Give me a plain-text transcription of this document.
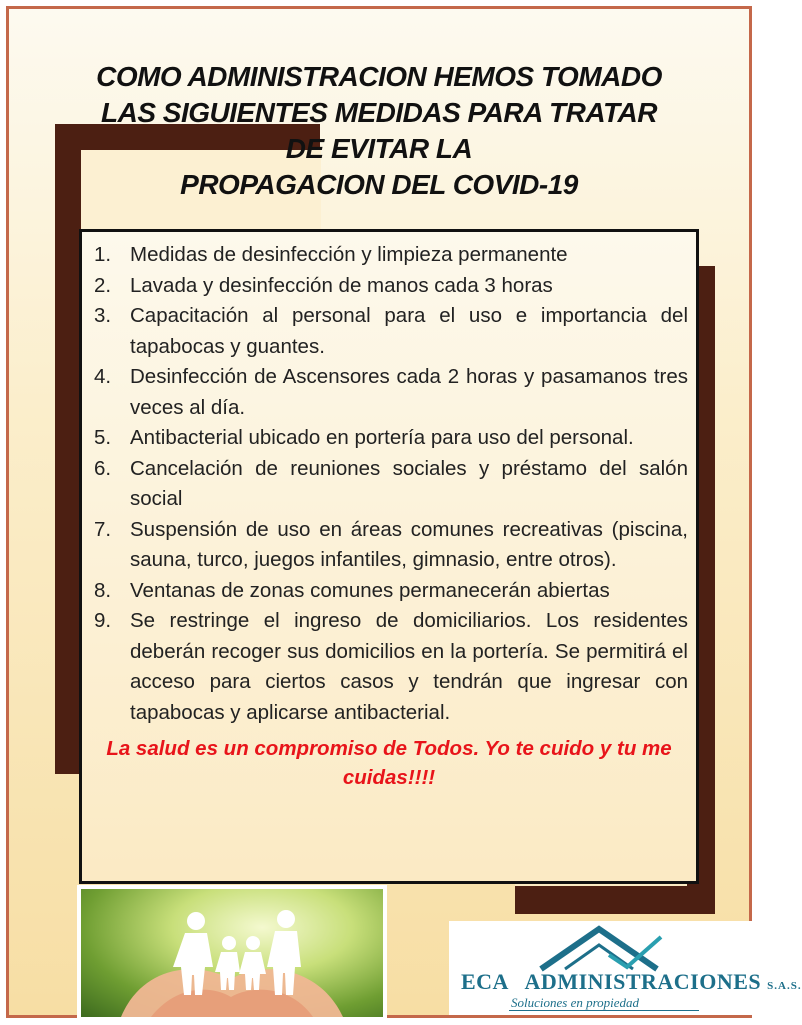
COMO ADMINISTRACION HEMOS TOMADO
LAS SIGUIENTES MEDIDAS PARA TRATAR
DE EVITAR LA
PROPAGACION DEL COVID-19
1. Medidas de desinfección y limpieza permanente
2. Lavada y desinfección de manos cada 3 horas
3. Capacitación al personal para el uso e importancia del tapabocas y guantes.
4. Desinfección de Ascensores cada 2 horas y pasamanos tres veces al día.
5. Antibacterial ubicado en portería para uso del personal.
6. Cancelación de reuniones sociales y préstamo del salón social
7. Suspensión de uso en áreas comunes recreativas (piscina, sauna, turco, juegos infantiles, gimnasio, entre otros).
8. Ventanas de zonas comunes permanecerán abiertas
9. Se restringe el ingreso de domiciliarios. Los residentes deberán recoger sus domicilios en la portería. Se permitirá el acceso para ciertos casos y tendrán que ingresar con tapabocas y aplicarse antibacterial.
La salud es un compromiso de Todos. Yo te cuido y tu me cuidas!!!!
ECA ADMINISTRACIONES S.A.S.
Soluciones en propiedad
